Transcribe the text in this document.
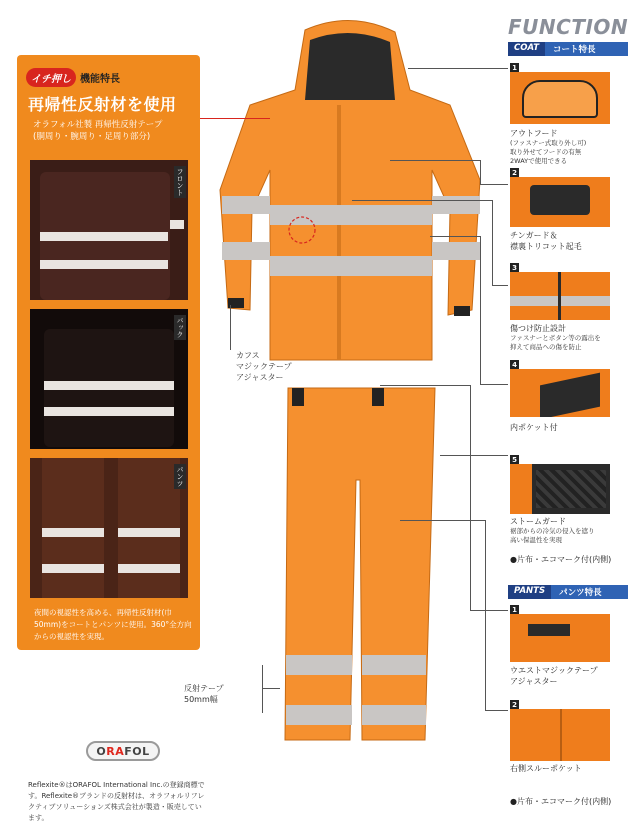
イチ押し 機能特長
再帰性反射材を使用
オラフォル社製 再帰性反射テープ
(胴周り・腕周り・足周り部分)
フロント
バック
パンツ
夜間の視認性を高める、再帰性反射材(巾50mm)をコートとパンツに使用。360°全方向からの視認性を実現。
O RA FOL
Reflexite®はORAFOL International Inc.の登録商標です。Reflexite®ブランドの反射材は、オラフォルリフレクティブソリューションズ株式会社が製造・販売しています。
カフス
マジックテープ
アジャスター
反射テープ
50mm幅
FUNCTION
COAT	コート特長
1
アウトフード
(ファスナー式取り外し可)
取り外せてフードの有無
2WAYで使用できる
2
チンガード＆
襟裏トリコット起毛
3
傷つけ防止設計
ファスナーとボタン等の露出を
抑えて商品への傷を防止
4
内ポケット付
5
ストームガード
裾部からの冷気の侵入を遮り
高い保温性を実現
●片布・エコマーク付(内側)
PANTS	パンツ特長
1
ウエストマジックテープ
アジャスター
2
右側スルーポケット
●片布・エコマーク付(内側)
